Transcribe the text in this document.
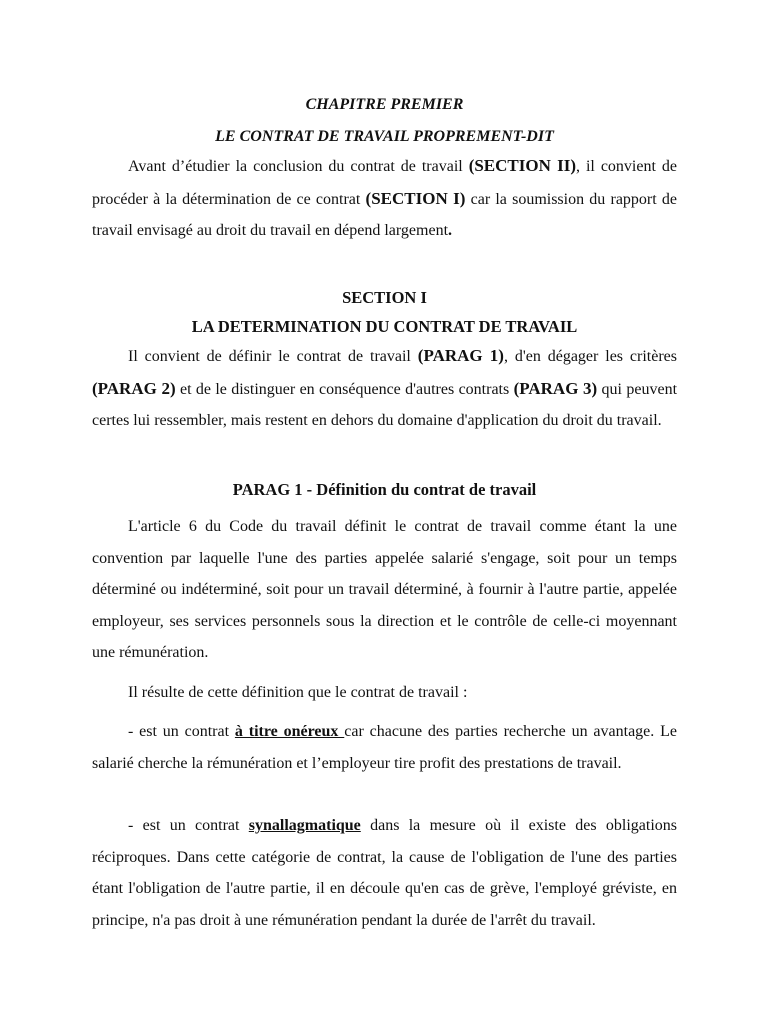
CHAPITRE PREMIER
LE CONTRAT DE TRAVAIL PROPREMENT-DIT

Avant d’étudier la conclusion du contrat de travail (SECTION II), il convient de procéder à la détermination de ce contrat (SECTION I) car la soumission du rapport de travail envisagé au droit du travail en dépend largement.

SECTION I
LA DETERMINATION DU CONTRAT DE TRAVAIL

Il convient de définir le contrat de travail (PARAG 1), d'en dégager les critères (PARAG 2) et de le distinguer en conséquence d'autres contrats (PARAG 3) qui peuvent certes lui ressembler, mais restent en dehors du domaine d'application du droit du travail.

PARAG 1 - Définition du contrat de travail

L'article 6 du Code du travail définit le contrat de travail comme étant la une convention par laquelle l'une des parties appelée salarié s'engage, soit pour un temps déterminé ou indéterminé, soit pour un travail déterminé, à fournir à l'autre partie, appelée employeur, ses services personnels sous la direction et le contrôle de celle-ci moyennant une rémunération.

Il résulte de cette définition que le contrat de travail :

- est un contrat à titre onéreux car chacune des parties recherche un avantage. Le salarié cherche la rémunération et l’employeur tire profit des prestations de travail.

- est un contrat synallagmatique dans la mesure où il existe des obligations réciproques. Dans cette catégorie de contrat, la cause de l'obligation de l'une des parties étant l'obligation de l'autre partie, il en découle qu'en cas de grève, l'employé gréviste, en principe, n'a pas droit à une rémunération pendant la durée de l'arrêt du travail.
